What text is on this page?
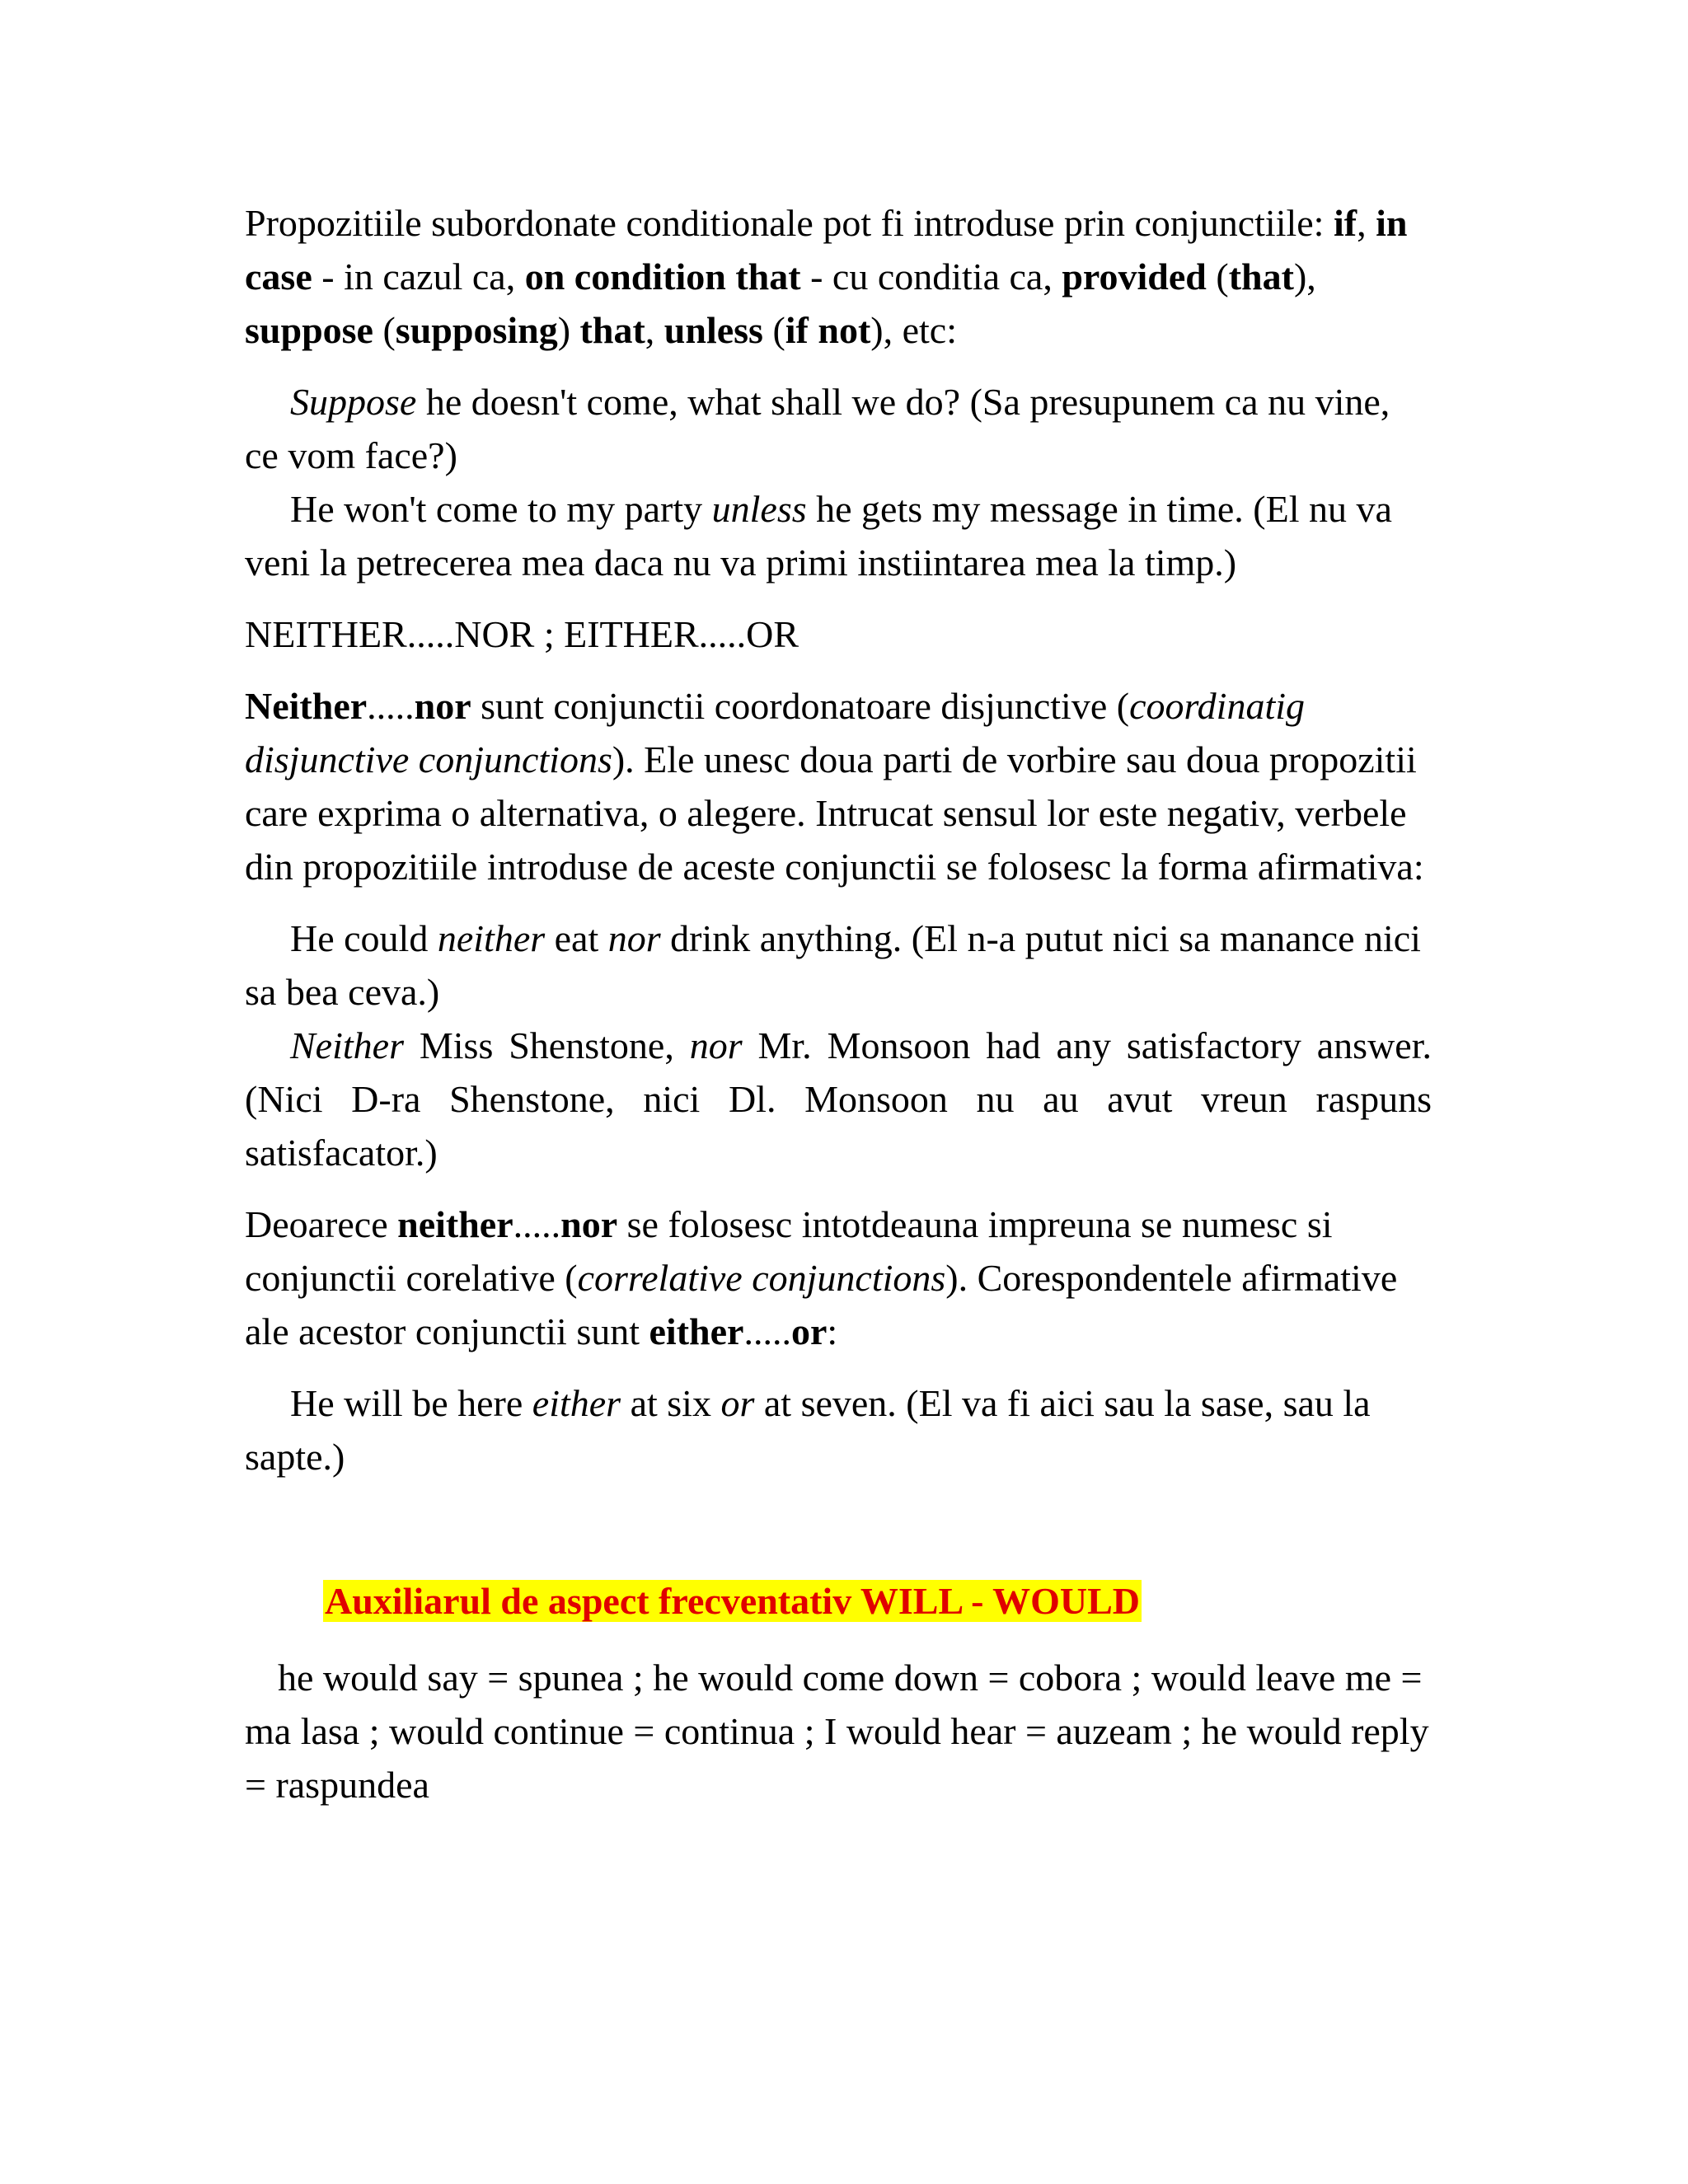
Propozitiile subordonate conditionale pot fi introduse prin conjunctiile: if, in case - in cazul ca, on condition that - cu conditia ca, provided (that), suppose (supposing) that, unless (if not), etc:

Suppose he doesn't come, what shall we do? (Sa presupunem ca nu vine, ce vom face?)

He won't come to my party unless he gets my message in time. (El nu va veni la petrecerea mea daca nu va primi instiintarea mea la timp.)

NEITHER.....NOR ; EITHER.....OR

Neither.....nor sunt conjunctii coordonatoare disjunctive (coordinatig disjunctive conjunctions). Ele unesc doua parti de vorbire sau doua propozitii care exprima o alternativa, o alegere. Intrucat sensul lor este negativ, verbele din propozitiile introduse de aceste conjunctii se folosesc la forma afirmativa:

He could neither eat nor drink anything. (El n-a putut nici sa manance nici sa bea ceva.)

Neither Miss Shenstone, nor Mr. Monsoon had any satisfactory answer. (Nici D-ra Shenstone, nici Dl. Monsoon nu au avut vreun raspuns satisfacator.)

Deoarece neither.....nor se folosesc intotdeauna impreuna se numesc si conjunctii corelative (correlative conjunctions). Corespondentele afirmative ale acestor conjunctii sunt either.....or:

He will be here either at six or at seven. (El va fi aici sau la sase, sau la sapte.)

Auxiliarul de aspect frecventativ WILL - WOULD

he would say = spunea ; he would come down = cobora ; would leave me = ma lasa ; would continue = continua ; I would hear = auzeam ; he would reply = raspundea
